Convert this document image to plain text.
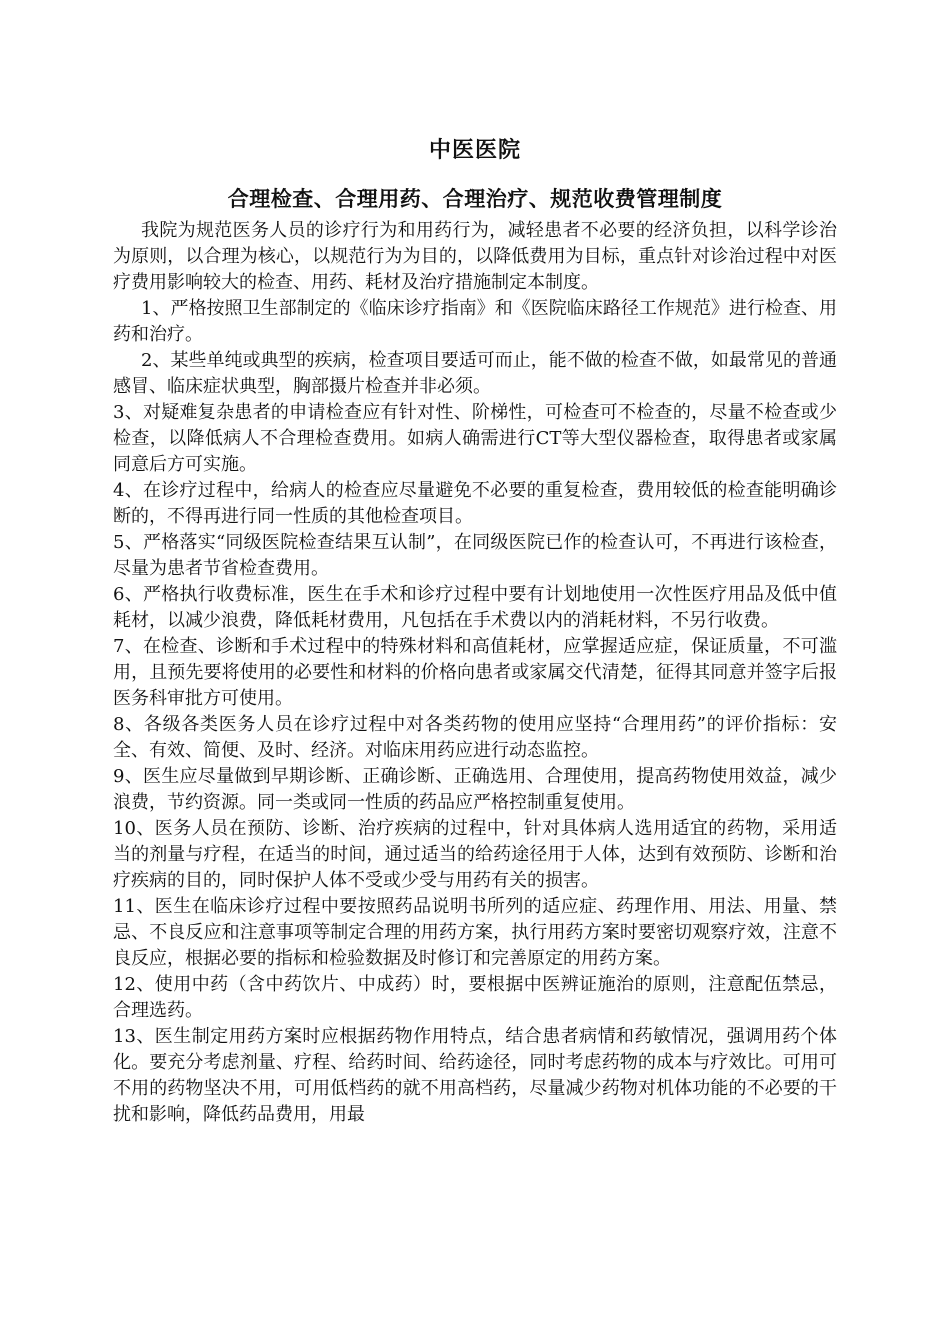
中医医院
合理检查、合理用药、合理治疗、规范收费管理制度

我院为规范医务人员的诊疗行为和用药行为，减轻患者不必要的经济负担，以科学诊治为原则，以合理为核心，以规范行为为目的，以降低费用为目标，重点针对诊治过程中对医疗费用影响较大的检查、用药、耗材及治疗措施制定本制度。

1、严格按照卫生部制定的《临床诊疗指南》和《医院临床路径工作规范》进行检查、用药和治疗。

2、某些单纯或典型的疾病，检查项目要适可而止，能不做的检查不做，如最常见的普通感冒、临床症状典型，胸部摄片检查并非必须。

3、对疑难复杂患者的申请检查应有针对性、阶梯性，可检查可不检查的，尽量不检查或少检查，以降低病人不合理检查费用。如病人确需进行CT等大型仪器检查，取得患者或家属同意后方可实施。

4、在诊疗过程中，给病人的检查应尽量避免不必要的重复检查，费用较低的检查能明确诊断的，不得再进行同一性质的其他检查项目。

5、严格落实“同级医院检查结果互认制”，在同级医院已作的检查认可，不再进行该检查，尽量为患者节省检查费用。

6、严格执行收费标准，医生在手术和诊疗过程中要有计划地使用一次性医疗用品及低中值耗材，以减少浪费，降低耗材费用，凡包括在手术费以内的消耗材料，不另行收费。

7、在检查、诊断和手术过程中的特殊材料和高值耗材，应掌握适应症，保证质量，不可滥用，且预先要将使用的必要性和材料的价格向患者或家属交代清楚，征得其同意并签字后报医务科审批方可使用。

8、各级各类医务人员在诊疗过程中对各类药物的使用应坚持“合理用药”的评价指标：安全、有效、简便、及时、经济。对临床用药应进行动态监控。

9、医生应尽量做到早期诊断、正确诊断、正确选用、合理使用，提高药物使用效益，减少浪费，节约资源。同一类或同一性质的药品应严格控制重复使用。

10、医务人员在预防、诊断、治疗疾病的过程中，针对具体病人选用适宜的药物，采用适当的剂量与疗程，在适当的时间，通过适当的给药途径用于人体，达到有效预防、诊断和治疗疾病的目的，同时保护人体不受或少受与用药有关的损害。

11、医生在临床诊疗过程中要按照药品说明书所列的适应症、药理作用、用法、用量、禁忌、不良反应和注意事项等制定合理的用药方案，执行用药方案时要密切观察疗效，注意不良反应，根据必要的指标和检验数据及时修订和完善原定的用药方案。

12、使用中药（含中药饮片、中成药）时，要根据中医辨证施治的原则，注意配伍禁忌，合理选药。

13、医生制定用药方案时应根据药物作用特点，结合患者病情和药敏情况，强调用药个体化。要充分考虑剂量、疗程、给药时间、给药途径，同时考虑药物的成本与疗效比。可用可不用的药物坚决不用，可用低档药的就不用高档药，尽量减少药物对机体功能的不必要的干扰和影响，降低药品费用，用最
